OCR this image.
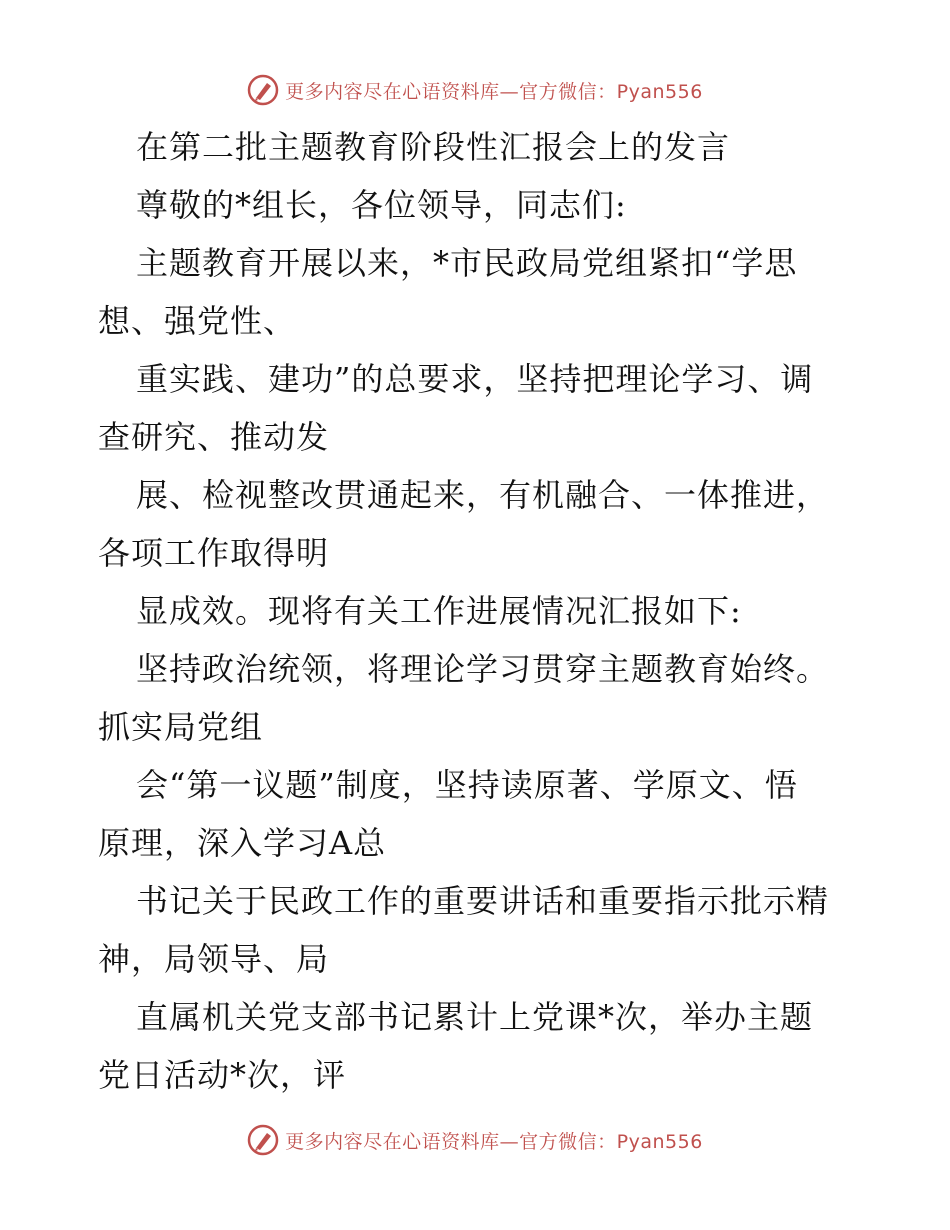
更多内容尽在心语资料库—官方微信：Pyan556

在第二批主题教育阶段性汇报会上的发言

尊敬的*组长，各位领导，同志们:

主题教育开展以来，*市民政局党组紧扣“学思

想、强党性、

重实践、建功”的总要求，坚持把理论学习、调

查研究、推动发

展、检视整改贯通起来，有机融合、一体推进，

各项工作取得明

显成效。现将有关工作进展情况汇报如下:

坚持政治统领，将理论学习贯穿主题教育始终。

抓实局党组

会“第一议题”制度，坚持读原著、学原文、悟

原理，深入学习A总

书记关于民政工作的重要讲话和重要指示批示精

神，局领导、局

直属机关党支部书记累计上党课*次，举办主题

党日活动*次，评

更多内容尽在心语资料库—官方微信：Pyan556
